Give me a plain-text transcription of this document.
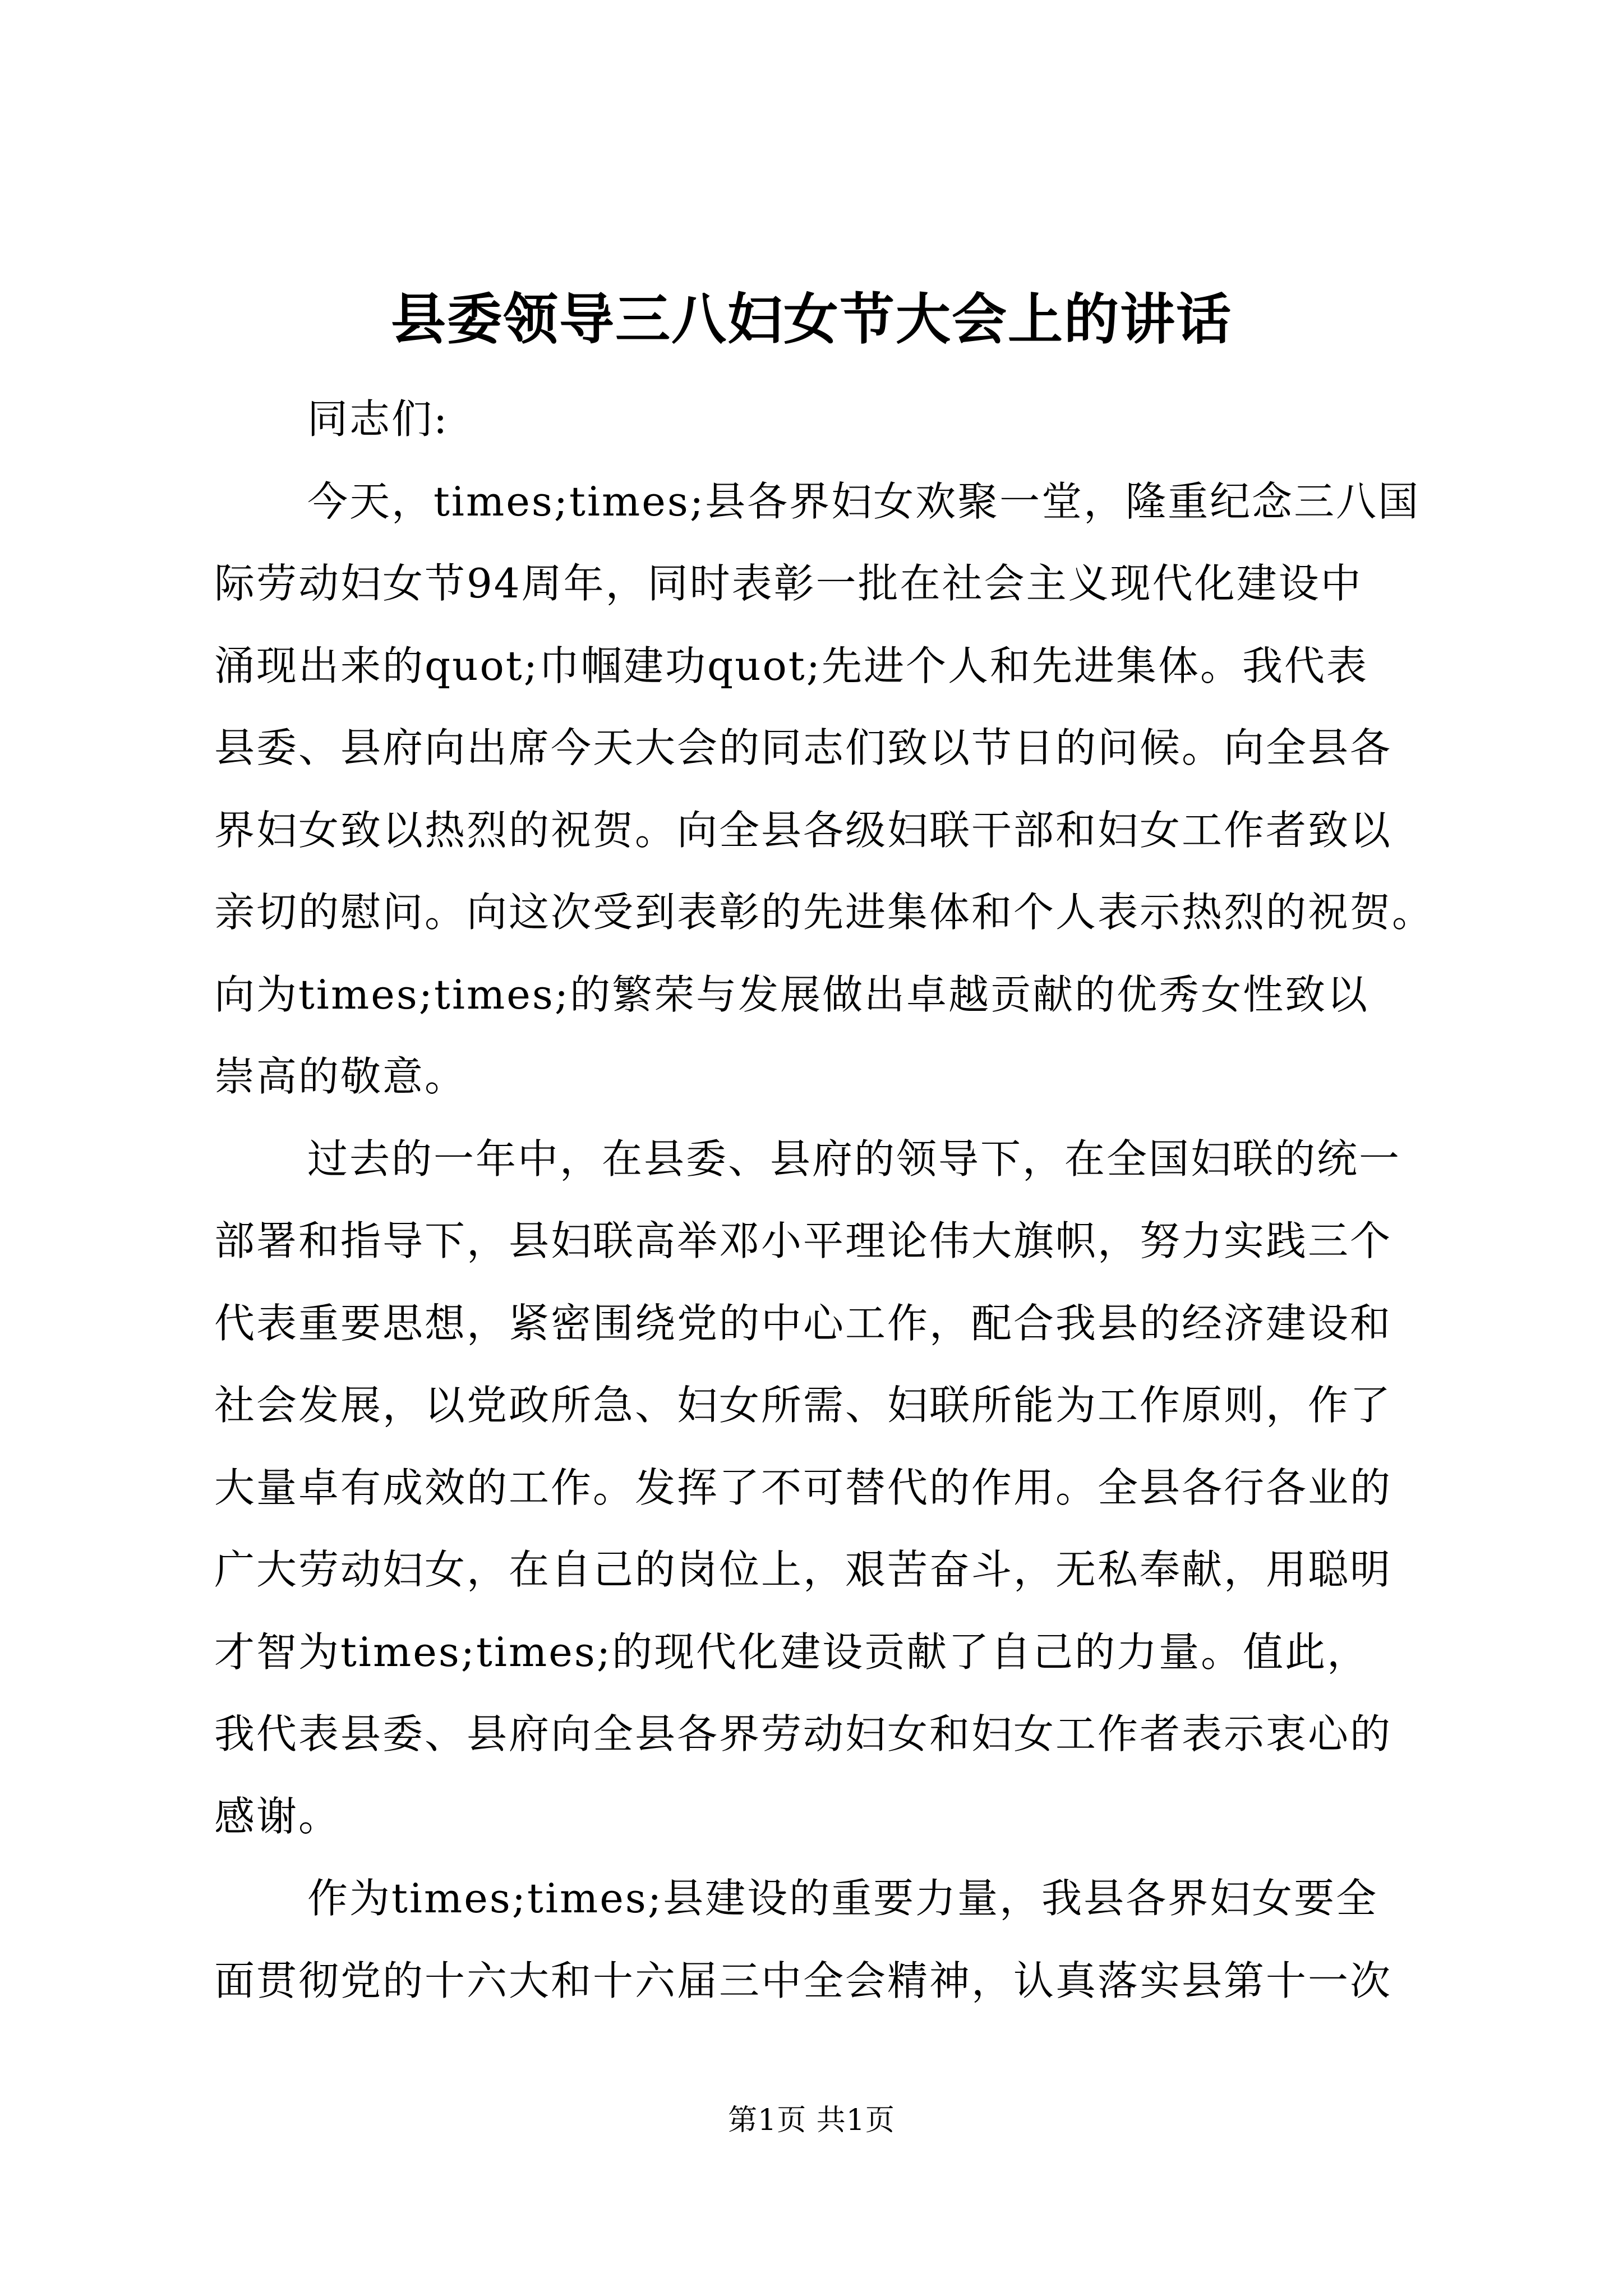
县委领导三八妇女节大会上的讲话
同志们:
今天，times;times;县各界妇女欢聚一堂，隆重纪念三八国
际劳动妇女节94周年，同时表彰一批在社会主义现代化建设中
涌现出来的quot;巾帼建功quot;先进个人和先进集体。我代表
县委、县府向出席今天大会的同志们致以节日的问候。向全县各
界妇女致以热烈的祝贺。向全县各级妇联干部和妇女工作者致以
亲切的慰问。向这次受到表彰的先进集体和个人表示热烈的祝贺。
向为times;times;的繁荣与发展做出卓越贡献的优秀女性致以
崇高的敬意。
过去的一年中，在县委、县府的领导下，在全国妇联的统一
部署和指导下，县妇联高举邓小平理论伟大旗帜，努力实践三个
代表重要思想，紧密围绕党的中心工作，配合我县的经济建设和
社会发展，以党政所急、妇女所需、妇联所能为工作原则，作了
大量卓有成效的工作。发挥了不可替代的作用。全县各行各业的
广大劳动妇女，在自己的岗位上，艰苦奋斗，无私奉献，用聪明
才智为times;times;的现代化建设贡献了自己的力量。值此，
我代表县委、县府向全县各界劳动妇女和妇女工作者表示衷心的
感谢。
作为times;times;县建设的重要力量，我县各界妇女要全
面贯彻党的十六大和十六届三中全会精神，认真落实县第十一次
第1页 共1页
